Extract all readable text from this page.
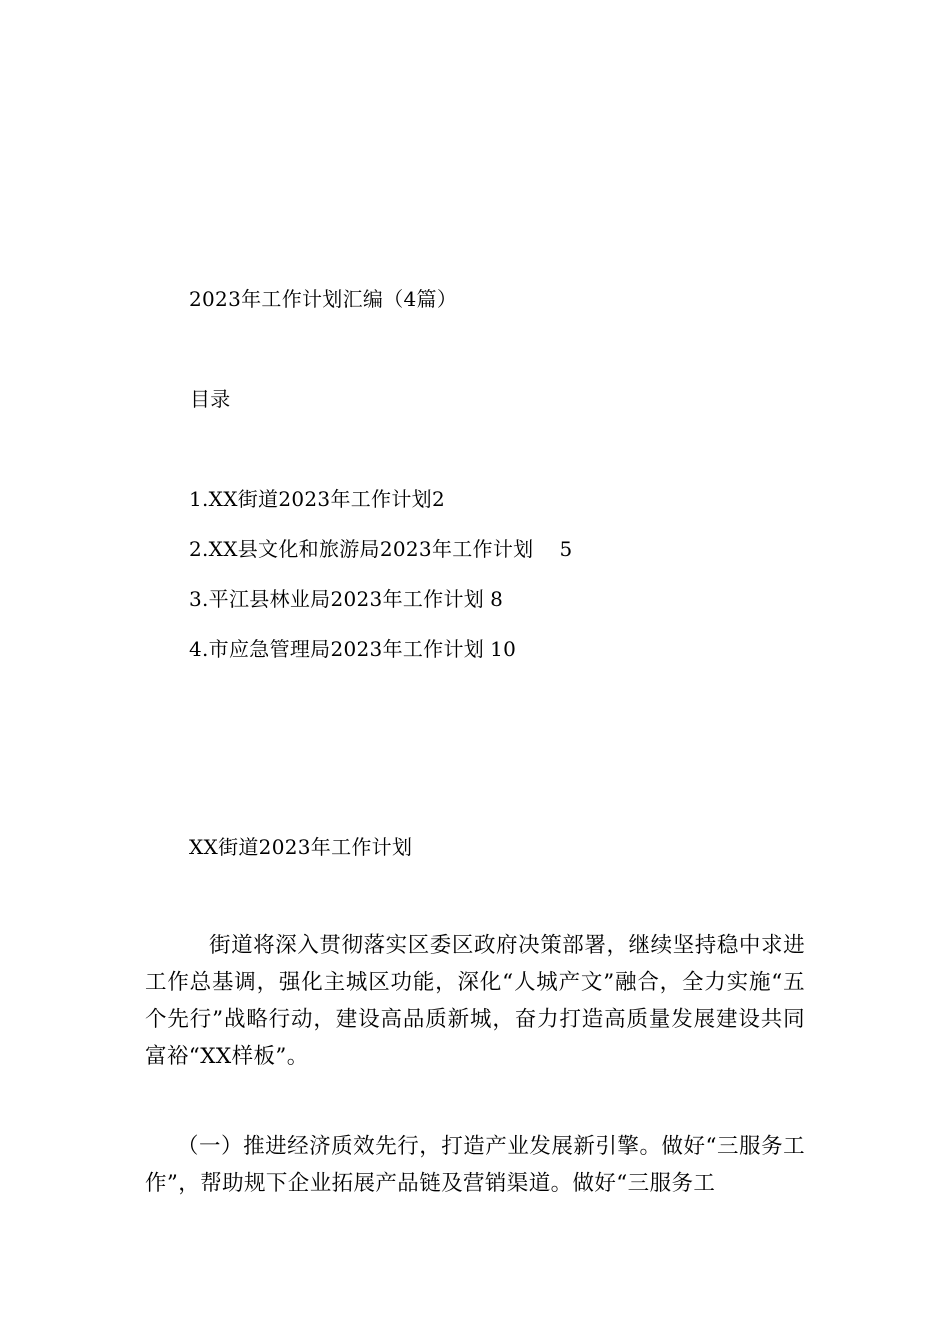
2023年工作计划汇编（4篇）
目录
1.XX街道2023年工作计划2
2.XX县文化和旅游局2023年工作计划 5
3.平江县林业局2023年工作计划 8
4.市应急管理局2023年工作计划 10
XX街道2023年工作计划
街道将深入贯彻落实区委区政府决策部署，继续坚持稳中求进工作总基调，强化主城区功能，深化“人城产文”融合，全力实施“五个先行”战略行动，建设高品质新城，奋力打造高质量发展建设共同富裕“XX样板”。
（一）推进经济质效先行，打造产业发展新引擎。做好“三服务工作”，帮助规下企业拓展产品链及营销渠道。做好“三服务工
